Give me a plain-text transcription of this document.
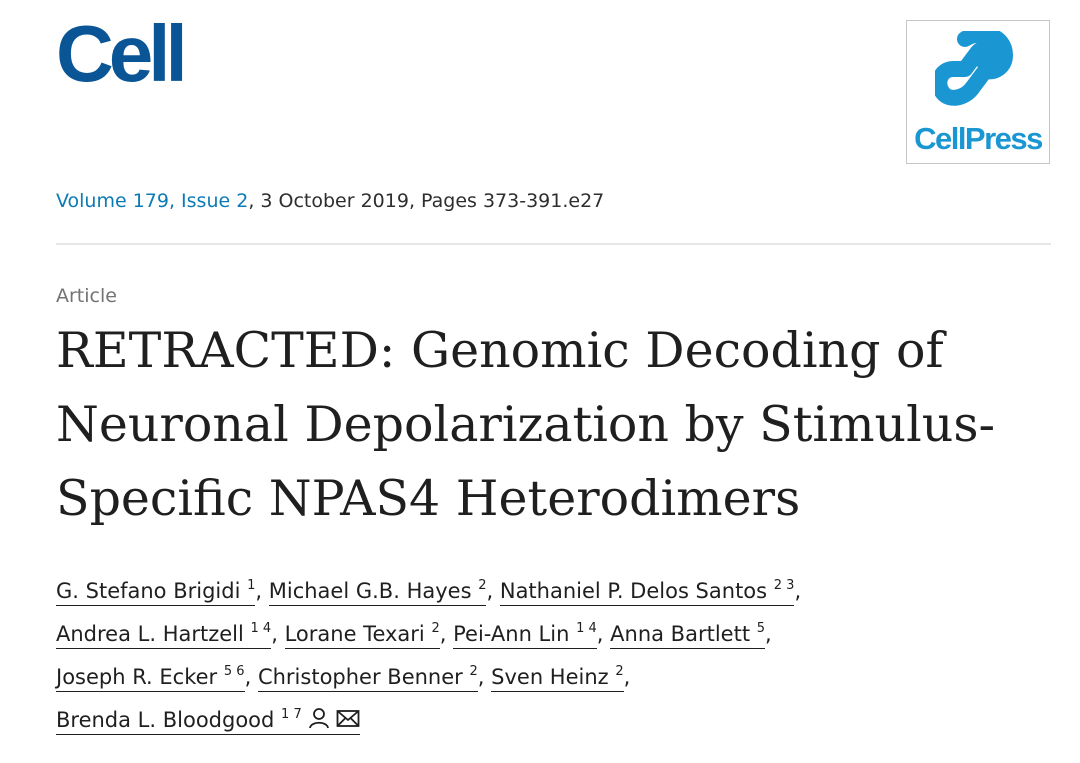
Cell
CellPress
Volume 179, Issue 2, 3 October 2019, Pages 373-391.e27
Article
RETRACTED: Genomic Decoding of Neuronal Depolarization by Stimulus-Specific NPAS4 Heterodimers
G. Stefano Brigidi $^1$, Michael G.B. Hayes $^2$, Nathaniel P. Delos Santos $^{2 3}$,
Andrea L. Hartzell $^{1 4}$, Lorane Texari $^2$, Pei-Ann Lin $^{1 4}$, Anna Bartlett $^5$,
Joseph R. Ecker $^{5 6}$, Christopher Benner $^2$, Sven Heinz $^2$,
Brenda L. Bloodgood $^{1 7}$
